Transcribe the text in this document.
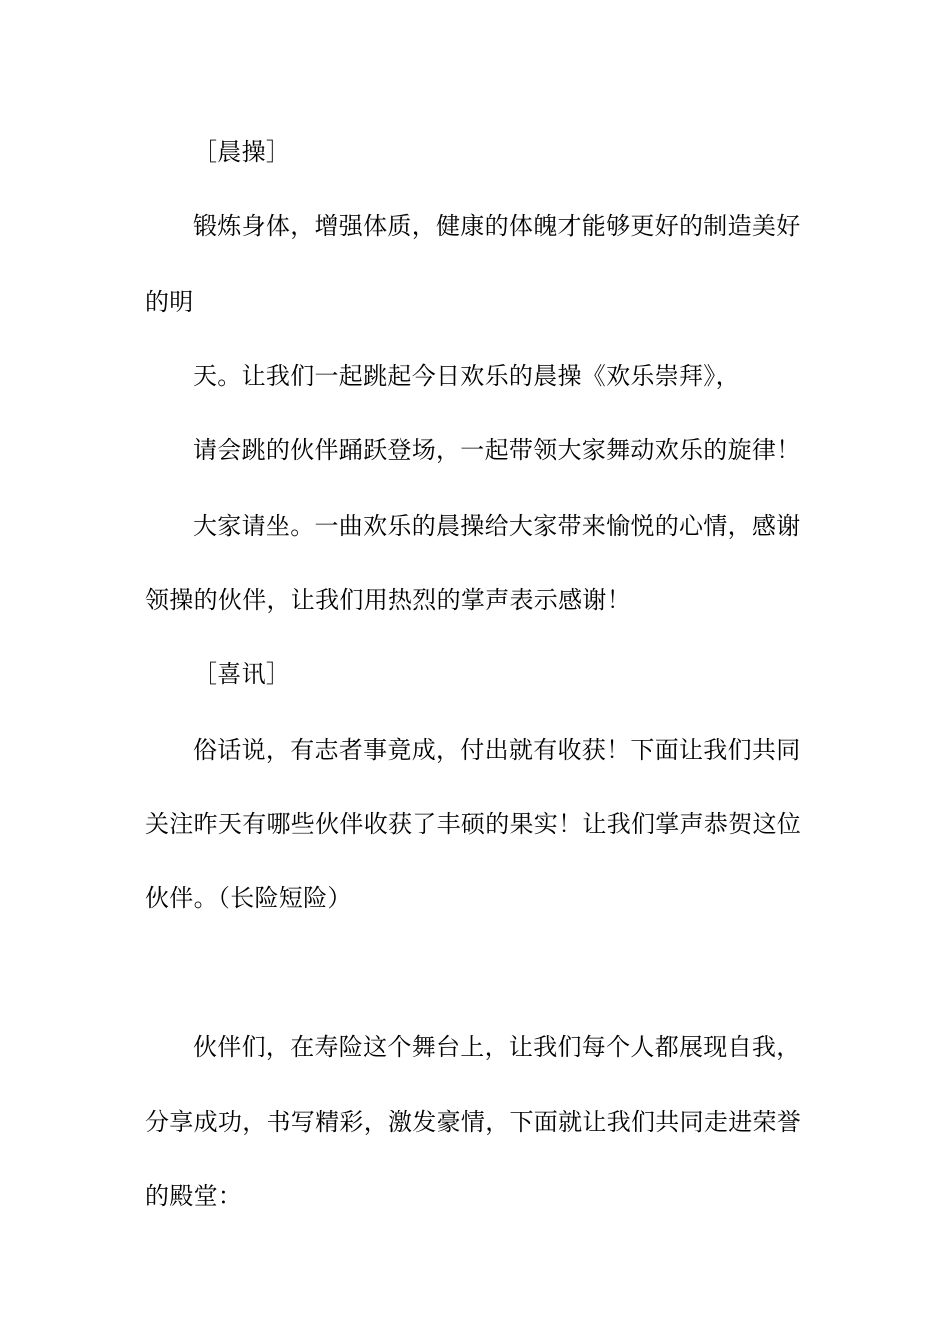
［晨操］
锻炼身体，增强体质，健康的体魄才能够更好的制造美好
的明
天。让我们一起跳起今日欢乐的晨操《欢乐崇拜》，
请会跳的伙伴踊跃登场，一起带领大家舞动欢乐的旋律！
大家请坐。一曲欢乐的晨操给大家带来愉悦的心情，感谢
领操的伙伴，让我们用热烈的掌声表示感谢！
［喜讯］
俗话说，有志者事竟成，付出就有收获！下面让我们共同
关注昨天有哪些伙伴收获了丰硕的果实！让我们掌声恭贺这位
伙伴。（长险短险）
伙伴们，在寿险这个舞台上，让我们每个人都展现自我，
分享成功，书写精彩，激发豪情，下面就让我们共同走进荣誉
的殿堂：
